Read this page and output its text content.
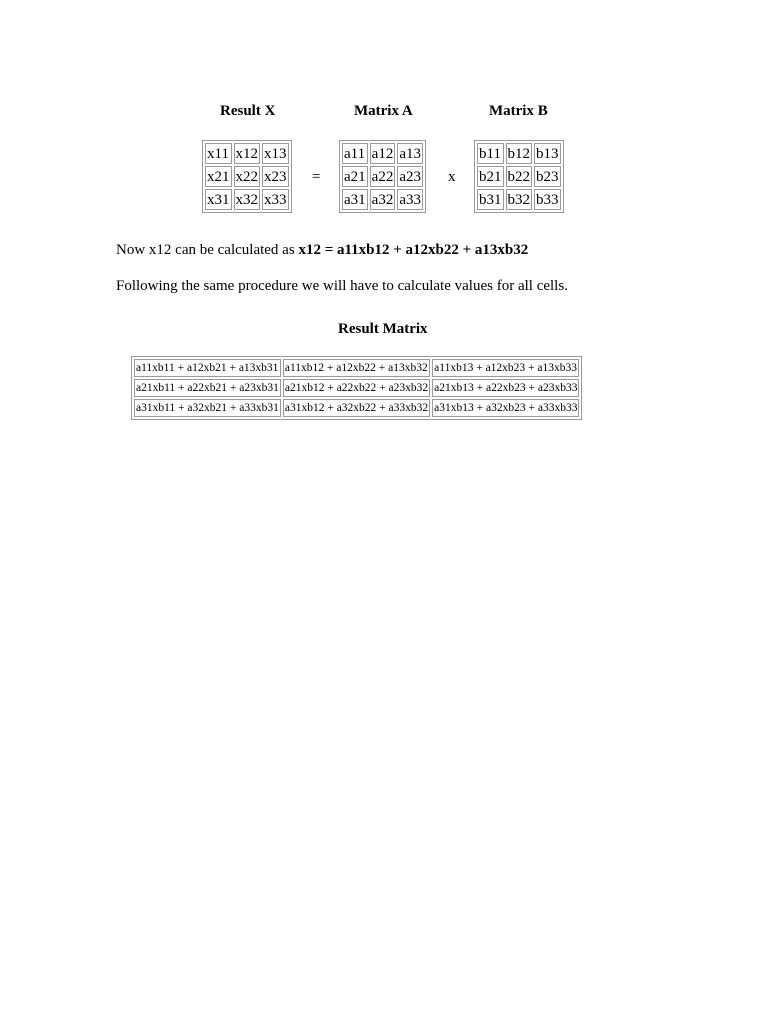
Result X	Matrix A	Matrix B
x11	x12	x13
x21	x22	x23
x31	x32	x33
=
a11	a12	a13
a21	a22	a23
a31	a32	a33
x
b11	b12	b13
b21	b22	b23
b31	b32	b33
Now x12 can be calculated as x12 = a11xb12 + a12xb22 + a13xb32
Following the same procedure we will have to calculate values for all cells.
Result Matrix
a11xb11 + a12xb21 + a13xb31	a11xb12 + a12xb22 + a13xb32	a11xb13 + a12xb23 + a13xb33
a21xb11 + a22xb21 + a23xb31	a21xb12 + a22xb22 + a23xb32	a21xb13 + a22xb23 + a23xb33
a31xb11 + a32xb21 + a33xb31	a31xb12 + a32xb22 + a33xb32	a31xb13 + a32xb23 + a33xb33
